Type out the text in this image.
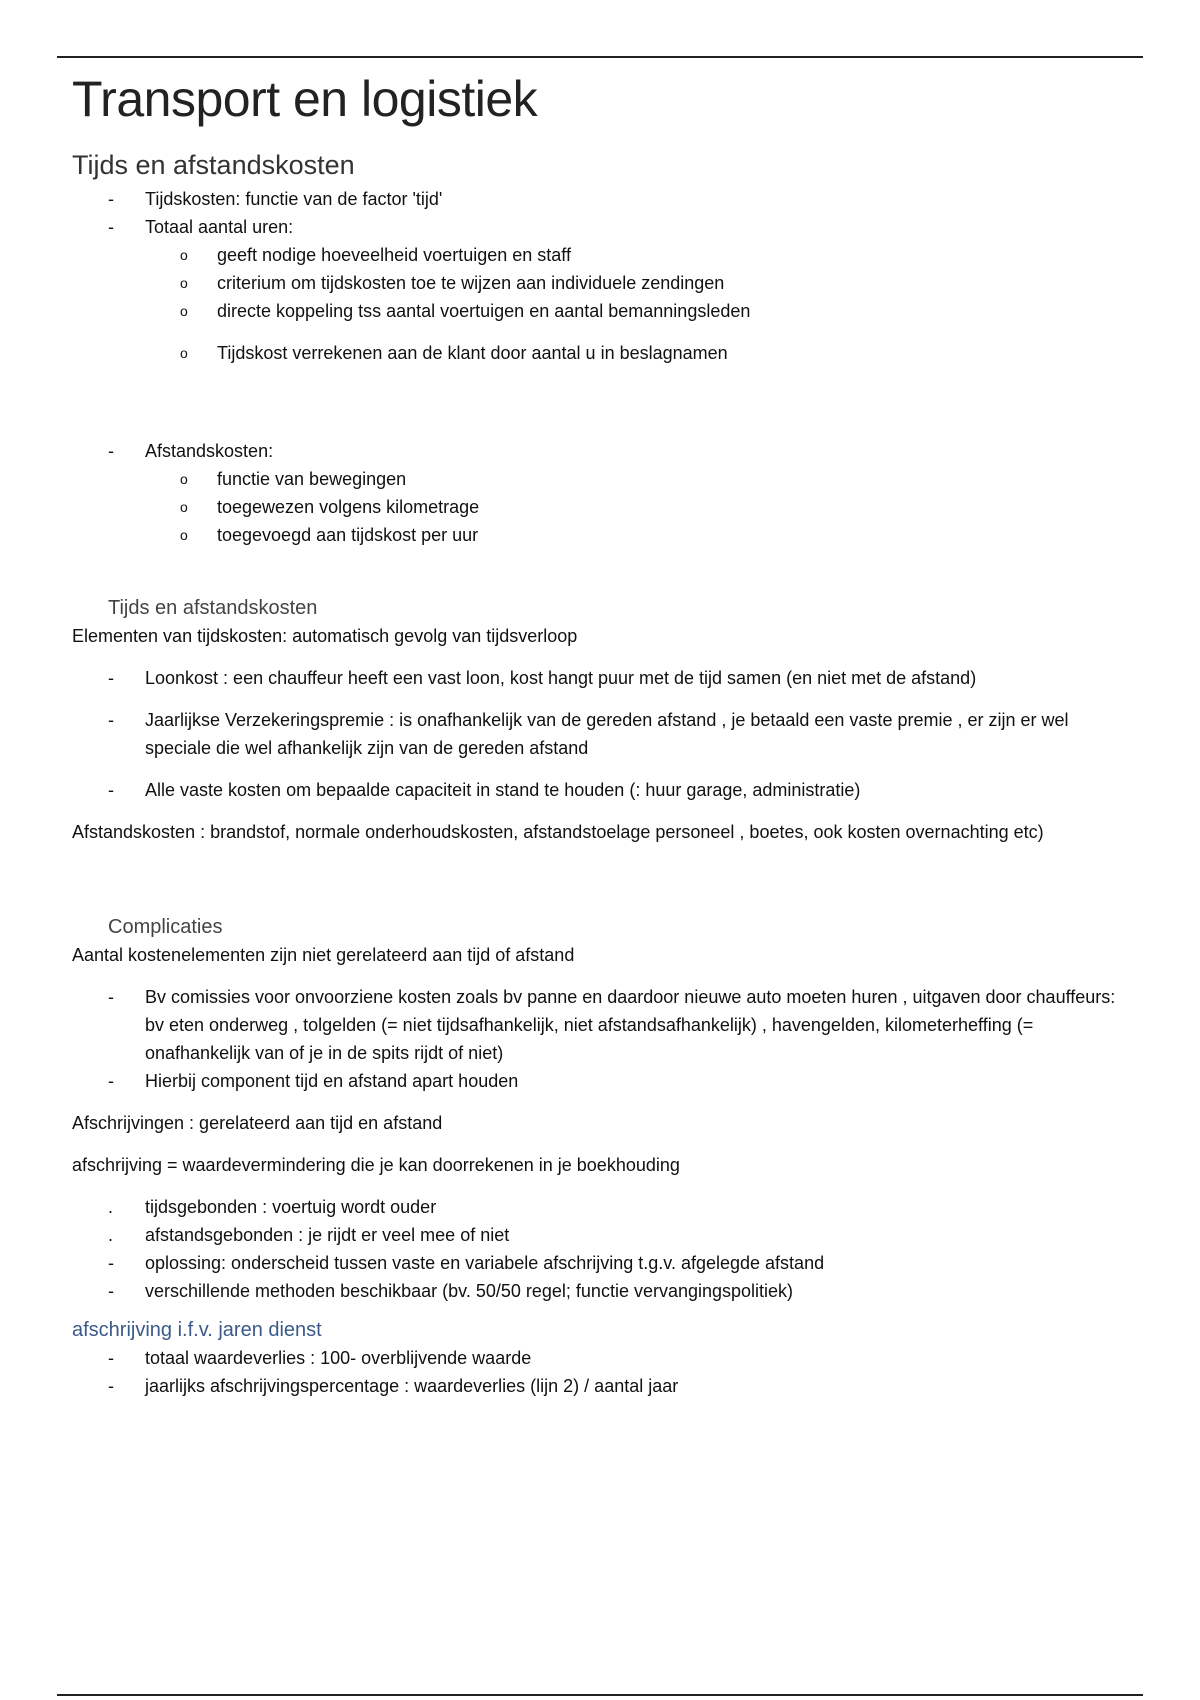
Transport en logistiek
Tijds en afstandskosten
-	Tijdskosten: functie van de factor 'tijd'
-	Totaal aantal uren:
o	geeft nodige hoeveelheid voertuigen en staff
o	criterium om tijdskosten toe te wijzen aan individuele zendingen
o	directe koppeling tss aantal voertuigen en aantal bemanningsleden
o	Tijdskost verrekenen aan de klant door aantal u in beslagnamen
-	Afstandskosten:
o	functie van bewegingen
o	toegewezen volgens kilometrage
o	toegevoegd aan tijdskost per uur
Tijds en afstandskosten

Elementen van tijdskosten: automatisch gevolg van tijdsverloop

-	Loonkost : een chauffeur heeft een vast loon, kost hangt puur met de tijd samen (en niet met de afstand)
-	Jaarlijkse Verzekeringspremie : is onafhankelijk van de gereden afstand , je betaald een vaste premie , er zijn er wel speciale die wel afhankelijk zijn van de gereden afstand
-	Alle vaste kosten om bepaalde capaciteit in stand te houden (: huur garage, administratie)

Afstandskosten : brandstof, normale onderhoudskosten, afstandstoelage personeel , boetes, ook kosten overnachting etc)

Complicaties

Aantal kostenelementen zijn niet gerelateerd aan tijd of afstand

-	Bv comissies voor onvoorziene kosten zoals bv panne en daardoor nieuwe auto moeten huren , uitgaven door chauffeurs: bv eten onderweg , tolgelden (= niet tijdsafhankelijk, niet afstandsafhankelijk) , havengelden, kilometerheffing (= onafhankelijk van of je in de spits rijdt of niet)
-	Hierbij component tijd en afstand apart houden

Afschrijvingen : gerelateerd aan tijd en afstand

afschrijving = waardevermindering die je kan doorrekenen in je boekhouding

.	tijdsgebonden : voertuig wordt ouder
.	afstandsgebonden : je rijdt er veel mee of niet
-	oplossing: onderscheid tussen vaste en variabele afschrijving t.g.v. afgelegde afstand
-	verschillende methoden beschikbaar (bv. 50/50 regel; functie vervangingspolitiek)
afschrijving i.f.v. jaren dienst
-	totaal waardeverlies : 100- overblijvende waarde
-	jaarlijks afschrijvingspercentage : waardeverlies (lijn 2) / aantal jaar
